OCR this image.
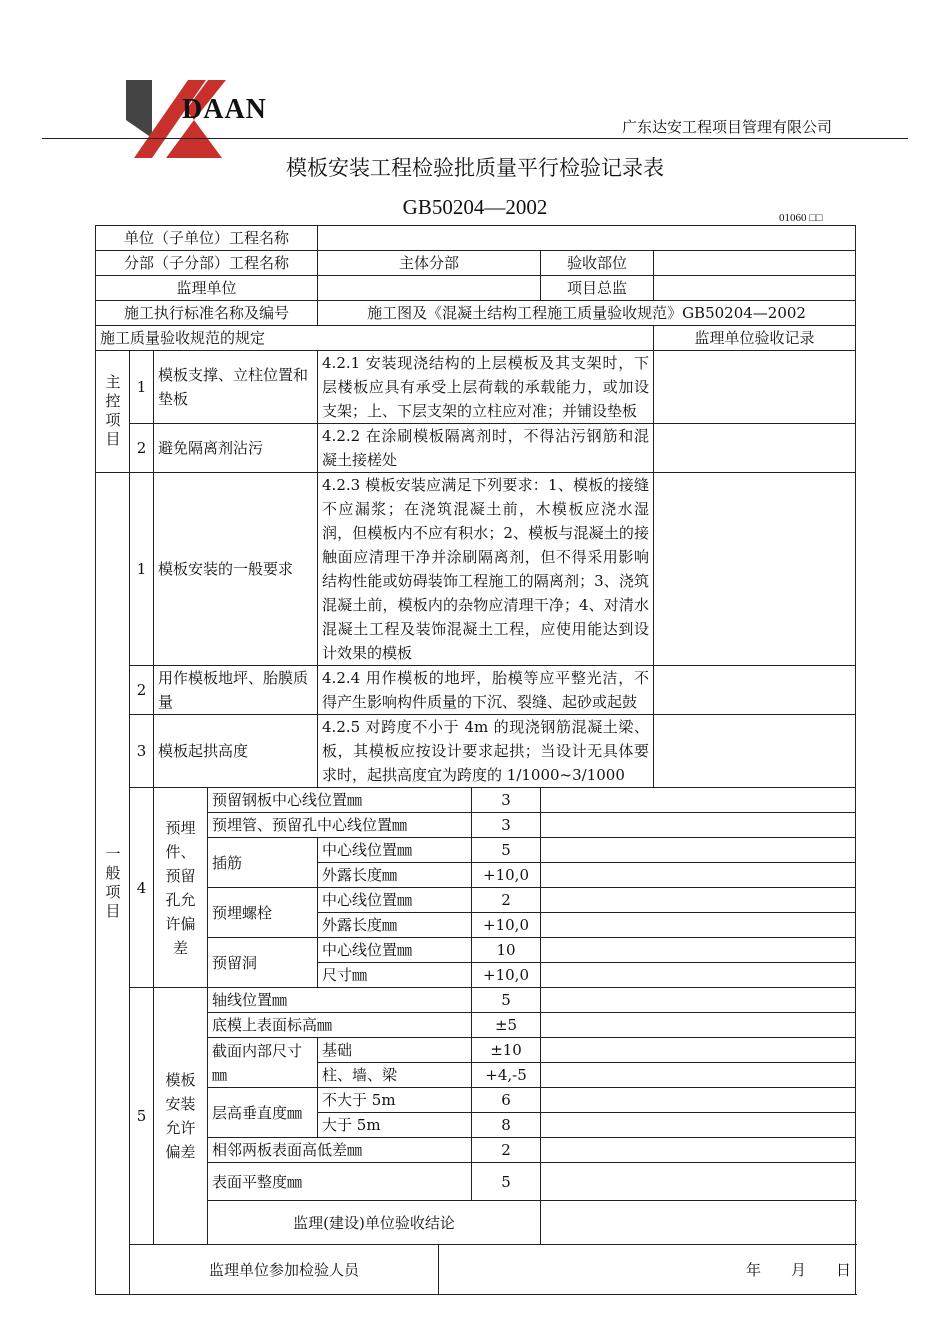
DAAN
广东达安工程项目管理有限公司
模板安装工程检验批质量平行检验记录表
GB50204—2002	01060 □□
单位（子单位）工程名称								
分部（子分部）工程名称				主体分部			验收部位	
监理单位							项目总监	
施工执行标准名称及编号				施工图及《混凝土结构工程施工质量验收规范》GB50204—2002				
施工质量验收规范的规定								监理单位验收记录

主控项目	1	模板支撑、立柱位置和垫板		4.2.1 安装现浇结构的上层模板及其支架时，下层楼板应具有承受上层荷载的承载能力，或加设支架；上、下层支架的立柱应对准；并铺设垫板				
	2	避免隔离剂沾污		4.2.2 在涂刷模板隔离剂时，不得沾污钢筋和混凝土接槎处				

一般项目	1	模板安装的一般要求		4.2.3 模板安装应满足下列要求：1、模板的接缝不应漏浆；在浇筑混凝土前，木模板应浇水湿润，但模板内不应有积水；2、模板与混凝土的接触面应清理干净并涂刷隔离剂，但不得采用影响结构性能或妨碍装饰工程施工的隔离剂；3、浇筑混凝土前，模板内的杂物应清理干净；4、对清水混凝土工程及装饰混凝土工程，应使用能达到设计效果的模板				
	2	用作模板地坪、胎膜质量		4.2.4 用作模板的地坪，胎模等应平整光洁，不得产生影响构件质量的下沉、裂缝、起砂或起鼓				
	3	模板起拱高度		4.2.5 对跨度不小于 4m 的现浇钢筋混凝土梁、板，其模板应按设计要求起拱；当设计无具体要求时，起拱高度宜为跨度的 1/1000~3/1000				
	4	预埋件、预留孔允许偏差	预留钢板中心线位置㎜			3		

			预埋管、预留孔中心线位置㎜			3		

			插筋	中心线位置㎜		5		

				外露长度㎜		+10,0		

			预埋螺栓	中心线位置㎜		2		

				外露长度㎜		+10,0		

			预留洞	中心线位置㎜		10		

				尺寸㎜		+10,0		

	5	模板安装允许偏差	轴线位置㎜			5		

			底模上表面标高㎜			±5		

			截面内部尺寸㎜	基础		±10		

				柱、墙、梁		+4,-5		

			层高垂直度㎜	不大于 5m		6		

				大于 5m		8		

			相邻两板表面高低差㎜			2		

			表面平整度㎜			5		

			监理(建设)单位验收结论					
	监理单位参加检验人员				年　　月　　日			
